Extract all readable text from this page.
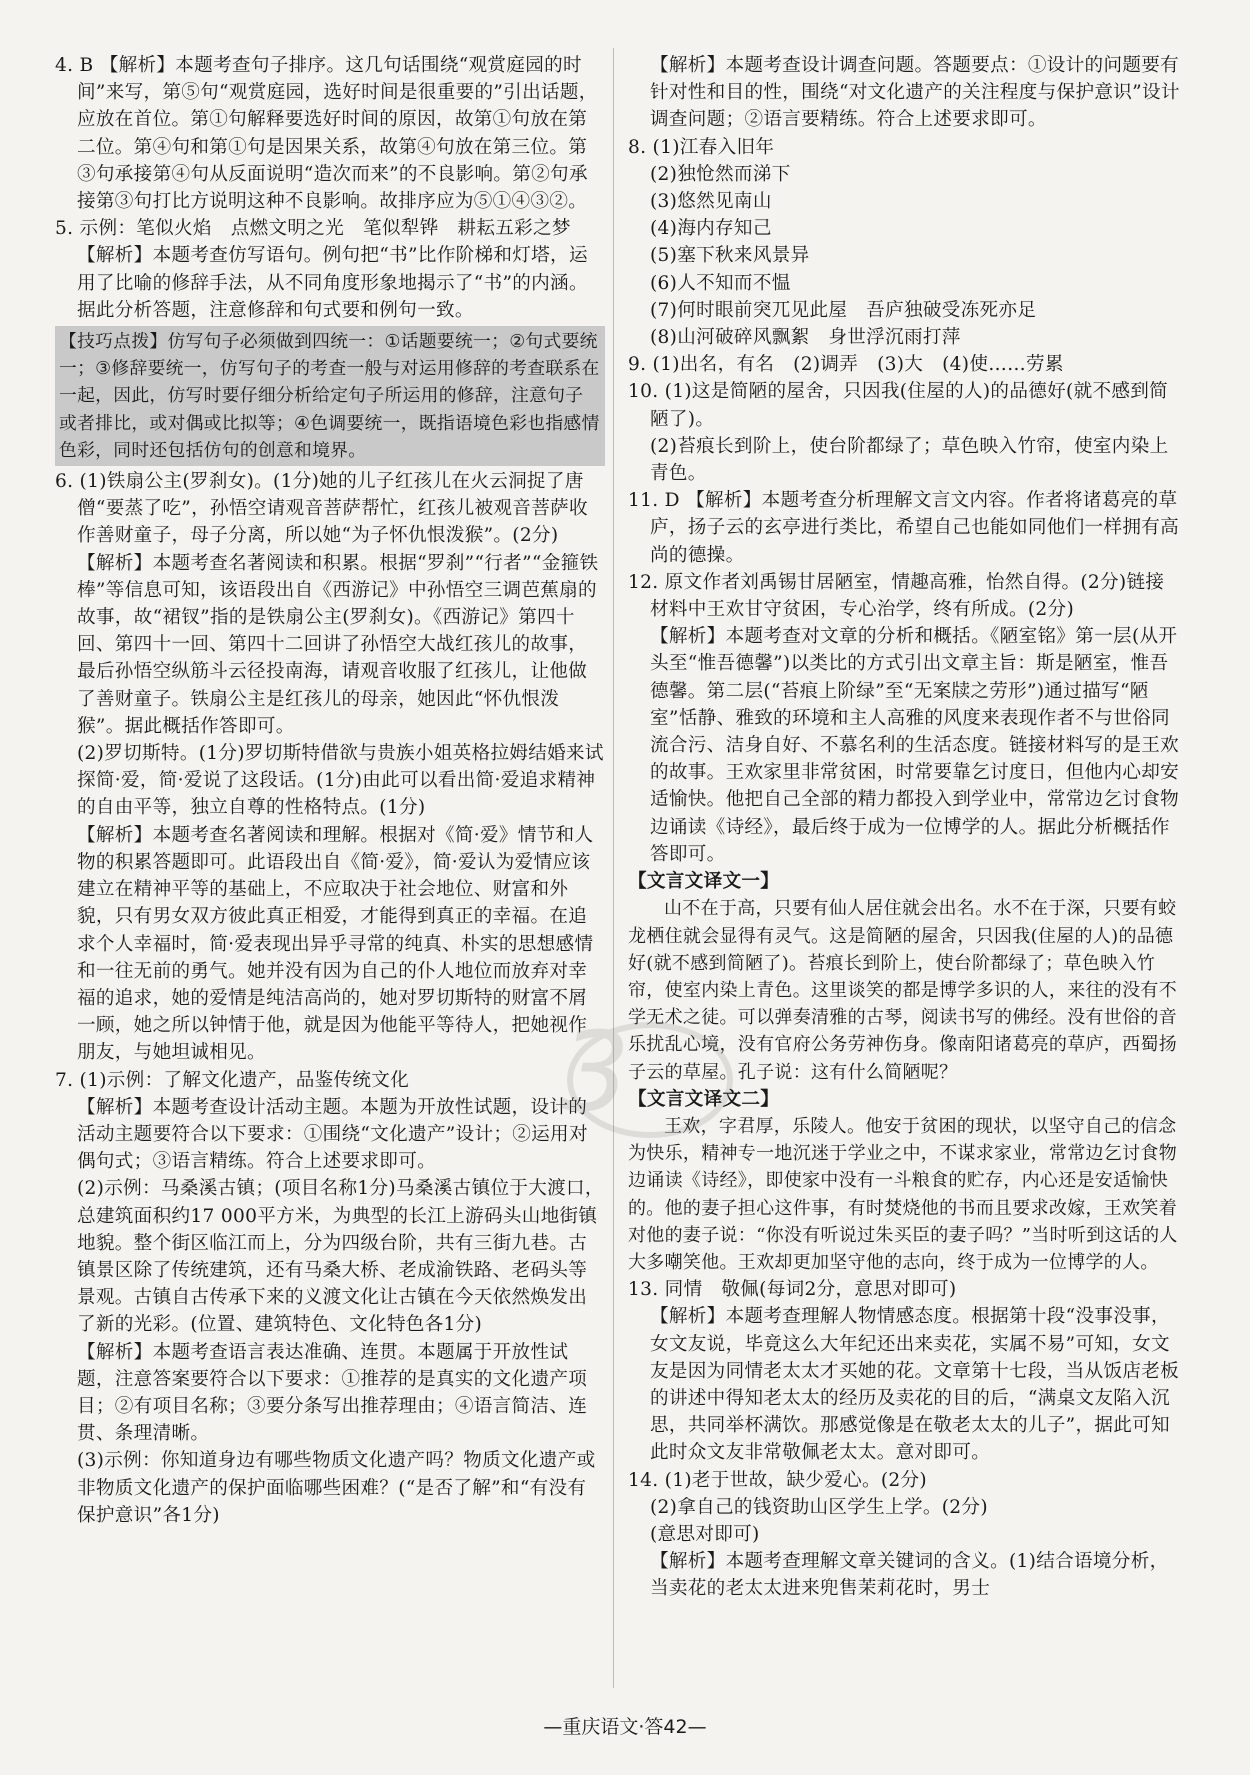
4. B 【解析】本题考查句子排序。这几句话围绕“观赏庭园的时间”来写，第⑤句“观赏庭园，选好时间是很重要的”引出话题，应放在首位。第①句解释要选好时间的原因，故第①句放在第二位。第④句和第①句是因果关系，故第④句放在第三位。第③句承接第④句从反面说明“造次而来”的不良影响。第②句承接第③句打比方说明这种不良影响。故排序应为⑤①④③②。

5. 示例：笔似火焰　点燃文明之光　笔似犁铧　耕耘五彩之梦

【解析】本题考查仿写语句。例句把“书”比作阶梯和灯塔，运用了比喻的修辞手法，从不同角度形象地揭示了“书”的内涵。据此分析答题，注意修辞和句式要和例句一致。

【技巧点拨】仿写句子必须做到四统一：①话题要统一；②句式要统一；③修辞要统一，仿写句子的考查一般与对运用修辞的考查联系在一起，因此，仿写时要仔细分析给定句子所运用的修辞，注意句子或者排比，或对偶或比拟等；④色调要统一，既指语境色彩也指感情色彩，同时还包括仿句的创意和境界。

6. (1)铁扇公主(罗刹女)。(1分)她的儿子红孩儿在火云洞捉了唐僧“要蒸了吃”，孙悟空请观音菩萨帮忙，红孩儿被观音菩萨收作善财童子，母子分离，所以她“为子怀仇恨泼猴”。(2分)

【解析】本题考查名著阅读和积累。根据“罗刹”“行者”“金箍铁棒”等信息可知，该语段出自《西游记》中孙悟空三调芭蕉扇的故事，故“裙钗”指的是铁扇公主(罗刹女)。《西游记》第四十回、第四十一回、第四十二回讲了孙悟空大战红孩儿的故事，最后孙悟空纵筋斗云径投南海，请观音收服了红孩儿，让他做了善财童子。铁扇公主是红孩儿的母亲，她因此“怀仇恨泼猴”。据此概括作答即可。

(2)罗切斯特。(1分)罗切斯特借欲与贵族小姐英格拉姆结婚来试探简·爱，简·爱说了这段话。(1分)由此可以看出简·爱追求精神的自由平等，独立自尊的性格特点。(1分)

【解析】本题考查名著阅读和理解。根据对《简·爱》情节和人物的积累答题即可。此语段出自《简·爱》，简·爱认为爱情应该建立在精神平等的基础上，不应取决于社会地位、财富和外貌，只有男女双方彼此真正相爱，才能得到真正的幸福。在追求个人幸福时，简·爱表现出异乎寻常的纯真、朴实的思想感情和一往无前的勇气。她并没有因为自己的仆人地位而放弃对幸福的追求，她的爱情是纯洁高尚的，她对罗切斯特的财富不屑一顾，她之所以钟情于他，就是因为他能平等待人，把她视作朋友，与她坦诚相见。

7. (1)示例：了解文化遗产，品鉴传统文化

【解析】本题考查设计活动主题。本题为开放性试题，设计的活动主题要符合以下要求：①围绕“文化遗产”设计；②运用对偶句式；③语言精练。符合上述要求即可。

(2)示例：马桑溪古镇；(项目名称1分)马桑溪古镇位于大渡口，总建筑面积约17 000平方米，为典型的长江上游码头山地街镇地貌。整个街区临江而上，分为四级台阶，共有三街九巷。古镇景区除了传统建筑，还有马桑大桥、老成渝铁路、老码头等景观。古镇自古传承下来的义渡文化让古镇在今天依然焕发出了新的光彩。(位置、建筑特色、文化特色各1分)

【解析】本题考查语言表达准确、连贯。本题属于开放性试题，注意答案要符合以下要求：①推荐的是真实的文化遗产项目；②有项目名称；③要分条写出推荐理由；④语言简洁、连贯、条理清晰。

(3)示例：你知道身边有哪些物质文化遗产吗？物质文化遗产或非物质文化遗产的保护面临哪些困难？(“是否了解”和“有没有保护意识”各1分)

【解析】本题考查设计调查问题。答题要点：①设计的问题要有针对性和目的性，围绕“对文化遗产的关注程度与保护意识”设计调查问题；②语言要精练。符合上述要求即可。

8. (1)江春入旧年

(2)独怆然而涕下

(3)悠然见南山

(4)海内存知己

(5)塞下秋来风景异

(6)人不知而不愠

(7)何时眼前突兀见此屋　吾庐独破受冻死亦足

(8)山河破碎风飘絮　身世浮沉雨打萍

9. (1)出名，有名　(2)调弄　(3)大　(4)使……劳累

10. (1)这是简陋的屋舍，只因我(住屋的人)的品德好(就不感到简陋了)。

(2)苔痕长到阶上，使台阶都绿了；草色映入竹帘，使室内染上青色。

11. D 【解析】本题考查分析理解文言文内容。作者将诸葛亮的草庐，扬子云的玄亭进行类比，希望自己也能如同他们一样拥有高尚的德操。

12. 原文作者刘禹锡甘居陋室，情趣高雅，怡然自得。(2分)链接材料中王欢甘守贫困，专心治学，终有所成。(2分)

【解析】本题考查对文章的分析和概括。《陋室铭》第一层(从开头至“惟吾德馨”)以类比的方式引出文章主旨：斯是陋室，惟吾德馨。第二层(“苔痕上阶绿”至“无案牍之劳形”)通过描写“陋室”恬静、雅致的环境和主人高雅的风度来表现作者不与世俗同流合污、洁身自好、不慕名利的生活态度。链接材料写的是王欢的故事。王欢家里非常贫困，时常要靠乞讨度日，但他内心却安适愉快。他把自己全部的精力都投入到学业中，常常边乞讨食物边诵读《诗经》，最后终于成为一位博学的人。据此分析概括作答即可。

【文言文译文一】

山不在于高，只要有仙人居住就会出名。水不在于深，只要有蛟龙栖住就会显得有灵气。这是简陋的屋舍，只因我(住屋的人)的品德好(就不感到简陋了)。苔痕长到阶上，使台阶都绿了；草色映入竹帘，使室内染上青色。这里谈笑的都是博学多识的人，来往的没有不学无术之徒。可以弹奏清雅的古琴，阅读书写的佛经。没有世俗的音乐扰乱心境，没有官府公务劳神伤身。像南阳诸葛亮的草庐，西蜀扬子云的草屋。孔子说：这有什么简陋呢？

【文言文译文二】

王欢，字君厚，乐陵人。他安于贫困的现状，以坚守自己的信念为快乐，精神专一地沉迷于学业之中，不谋求家业，常常边乞讨食物边诵读《诗经》，即使家中没有一斗粮食的贮存，内心还是安适愉快的。他的妻子担心这件事，有时焚烧他的书而且要求改嫁，王欢笑着对他的妻子说：“你没有听说过朱买臣的妻子吗？”当时听到这话的人大多嘲笑他。王欢却更加坚守他的志向，终于成为一位博学的人。

13. 同情　敬佩(每词2分，意思对即可)

【解析】本题考查理解人物情感态度。根据第十段“没事没事，女文友说，毕竟这么大年纪还出来卖花，实属不易”可知，女文友是因为同情老太太才买她的花。文章第十七段，当从饭店老板的讲述中得知老太太的经历及卖花的目的后，“满桌文友陷入沉思，共同举杯满饮。那感觉像是在敬老太太的儿子”，据此可知此时众文友非常敬佩老太太。意对即可。

14. (1)老于世故，缺少爱心。(2分)

(2)拿自己的钱资助山区学生上学。(2分)

(意思对即可)

【解析】本题考查理解文章关键词的含义。(1)结合语境分析，当卖花的老太太进来兜售茉莉花时，男士

3
—重庆语文·答42—
